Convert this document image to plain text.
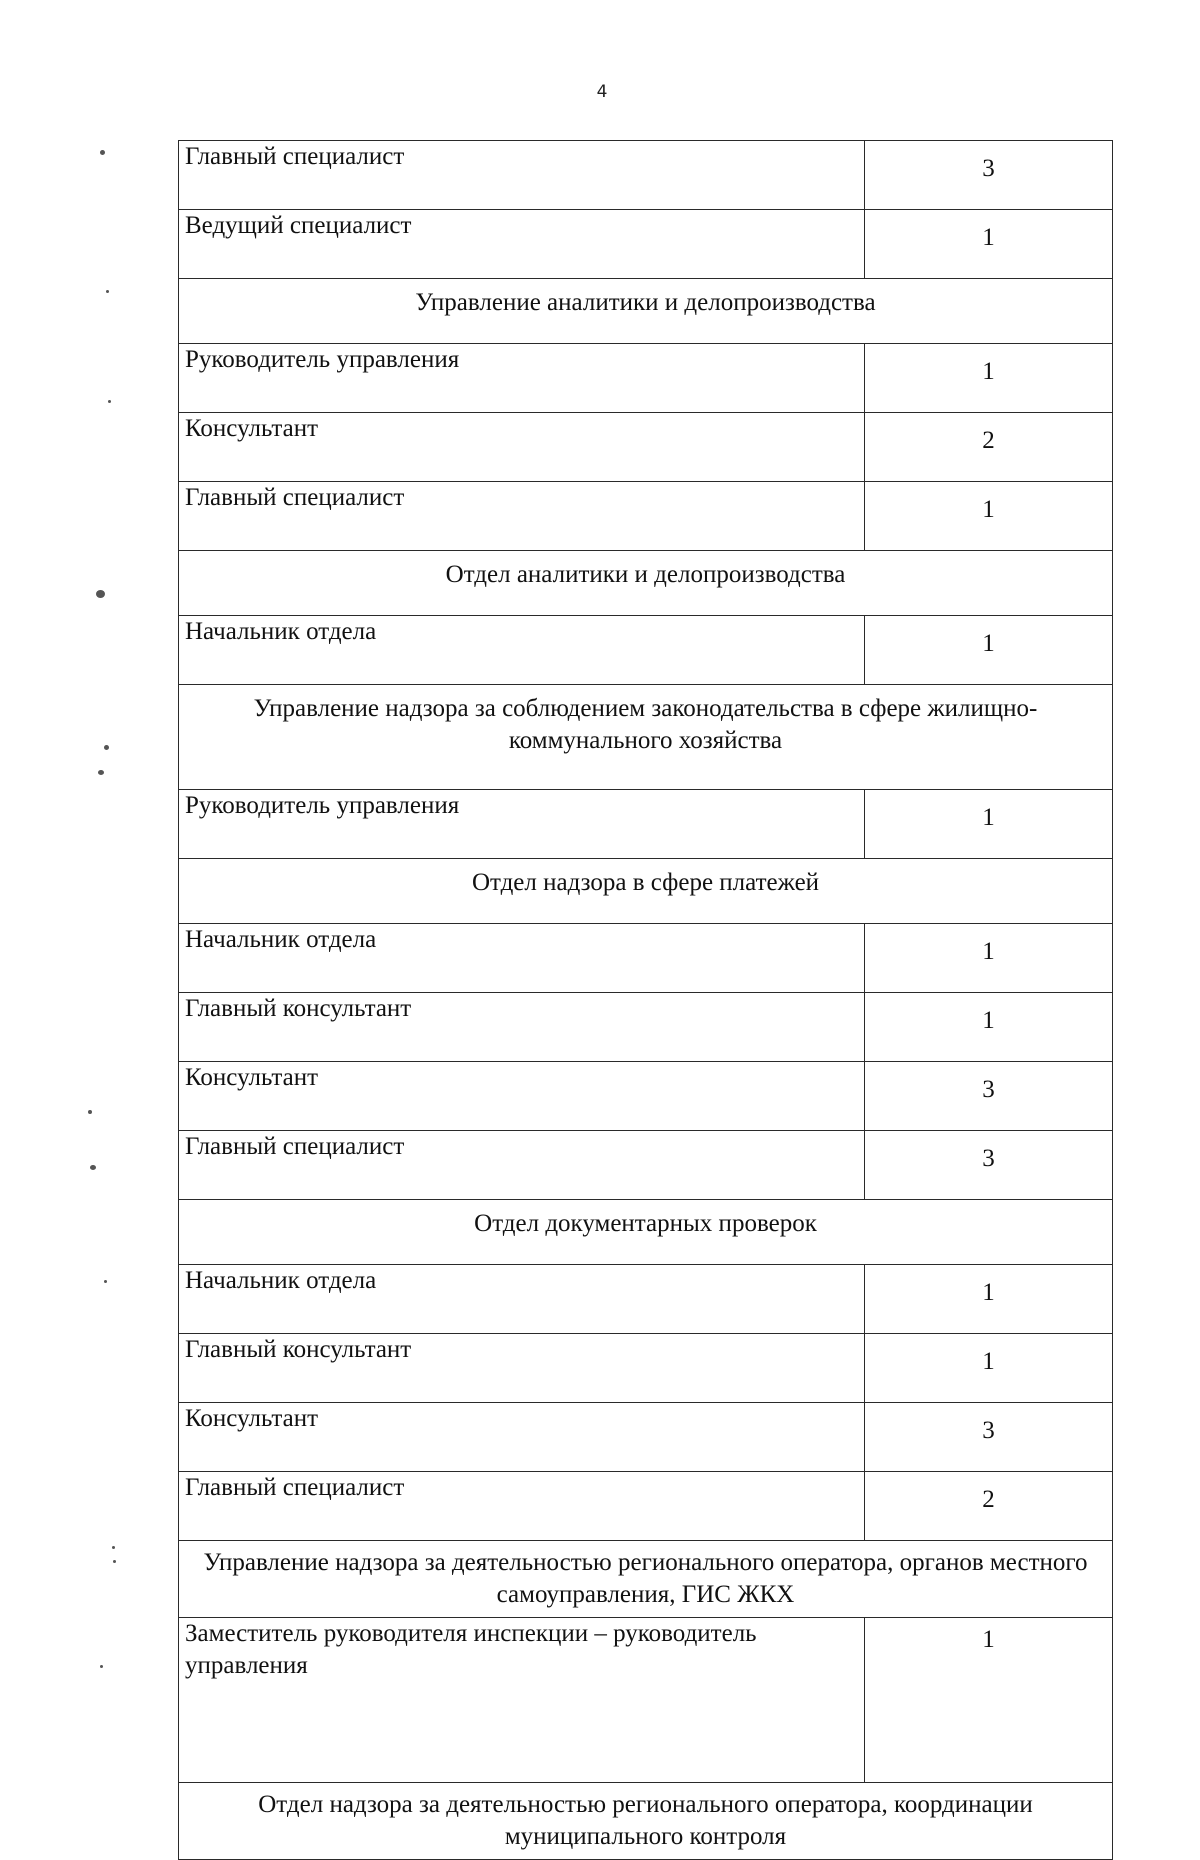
4
Главный специалист	3
Ведущий специалист	1
Управление аналитики и делопроизводства	
Руководитель управления	1
Консультант	2
Главный специалист	1
Отдел аналитики и делопроизводства	
Начальник отдела	1
Управление надзора за соблюдением законодательства в сфере жилищно-коммунального хозяйства	
Руководитель управления	1
Отдел надзора в сфере платежей	
Начальник отдела	1
Главный консультант	1
Консультант	3
Главный специалист	3
Отдел документарных проверок	
Начальник отдела	1
Главный консультант	1
Консультант	3
Главный специалист	2
Управление надзора за деятельностью регионального оператора, органов местного самоуправления, ГИС ЖКХ	
Заместитель руководителя инспекции – руководитель управления	1
Отдел надзора за деятельностью регионального оператора, координации муниципального контроля	
